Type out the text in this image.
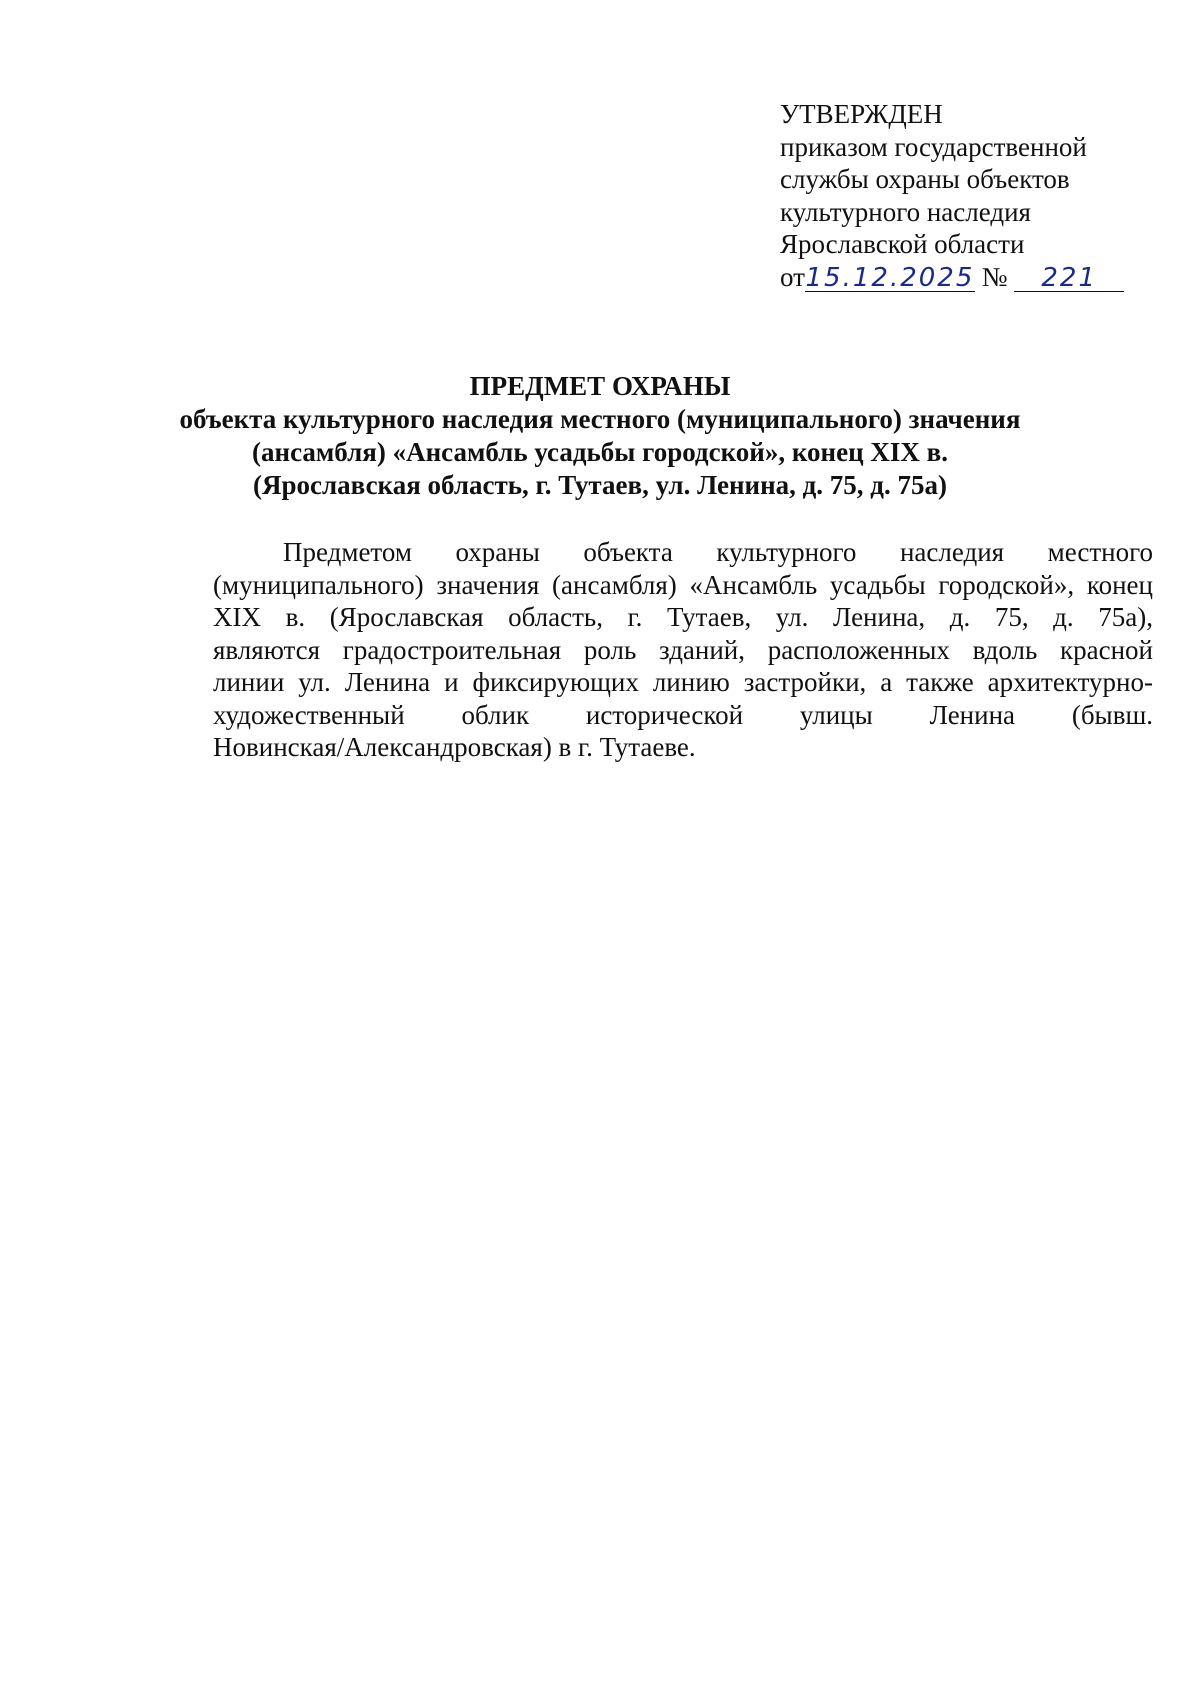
УТВЕРЖДЕН
приказом государственной
службы охраны объектов
культурного наследия
Ярославской области
от15.12.2025 № 221
ПРЕДМЕТ ОХРАНЫ
объекта культурного наследия местного (муниципального) значения
(ансамбля) «Ансамбль усадьбы городской», конец XIX в.
(Ярославская область, г. Тутаев, ул. Ленина, д. 75, д. 75а)
Предметом охраны объекта культурного наследия местного
(муниципального) значения (ансамбля) «Ансамбль усадьбы городской», конец
XIX в. (Ярославская область, г. Тутаев, ул. Ленина, д. 75, д. 75а),
являются градостроительная роль зданий, расположенных вдоль красной
линии ул. Ленина и фиксирующих линию застройки, а также архитектурно-
художественный облик исторической улицы Ленина (бывш.
Новинская/Александровская) в г. Тутаеве.
